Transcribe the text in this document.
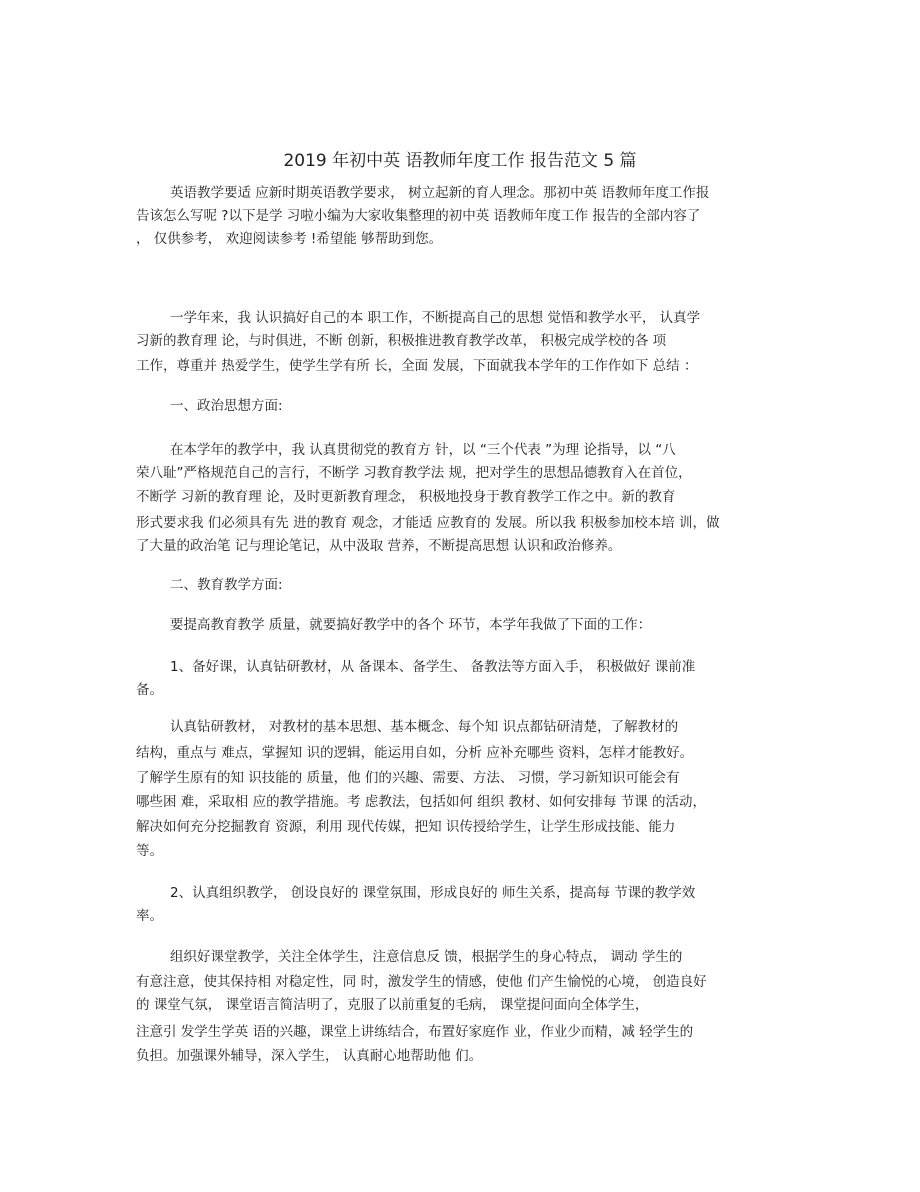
2019 年初中英 语教师年度工作 报告范文 5 篇
英语教学要适 应新时期英语教学要求， 树立起新的育人理念。那初中英 语教师年度工作报
告该怎么写呢 ?以下是学 习啦小编为大家收集整理的初中英 语教师年度工作 报告的全部内容了
， 仅供参考， 欢迎阅读参考 !希望能 够帮助到您。
一学年来，我 认识搞好自己的本 职工作，不断提高自己的思想 觉悟和教学水平， 认真学
习新的教育理 论，与时俱进，不断 创新，积极推进教育教学改革， 积极完成学校的各 项
工作，尊重并 热爱学生，使学生学有所 长，全面 发展，下面就我本学年的工作作如下 总结 ：
一、政治思想方面:
在本学年的教学中，我 认真贯彻党的教育方 针，以 “三个代表 ”为理 论指导，以 “八
荣八耻”严格规范自己的言行，不断学 习教育教学法 规，把对学生的思想品德教育入在首位，
不断学 习新的教育理 论，及时更新教育理念， 积极地投身于教育教学工作之中。新的教育
形式要求我 们必须具有先 进的教育 观念，才能适 应教育的 发展。所以我 积极参加校本培 训，做
了大量的政治笔 记与理论笔记，从中汲取 营养，不断提高思想 认识和政治修养。
二、教育教学方面:
要提高教育教学 质量，就要搞好教学中的各个 环节，本学年我做了下面的工作：
1、备好课，认真钻研教材，从 备课本、备学生、 备教法等方面入手， 积极做好 课前准
备。
认真钻研教材， 对教材的基本思想、基本概念、每个知 识点都钻研清楚，了解教材的
结构，重点与 难点，掌握知 识的逻辑，能运用自如，分析 应补充哪些 资料，怎样才能教好。
了解学生原有的知 识技能的 质量，他 们的兴趣、需要、方法、 习惯，学习新知识可能会有
哪些困 难，采取相 应的教学措施。考 虑教法，包括如何 组织 教材、如何安排每 节课 的活动，
解决如何充分挖掘教育 资源，利用 现代传媒，把知 识传授给学生，让学生形成技能、能力
等。
2、认真组织教学， 创设良好的 课堂氛围，形成良好的 师生关系，提高每 节课的教学效
率。
组织好课堂教学，关注全体学生，注意信息反 馈，根据学生的身心特点， 调动 学生的
有意注意，使其保持相 对稳定性，同 时，激发学生的情感，使他 们产生愉悦的心境， 创造良好
的 课堂气氛， 课堂语言简洁明了，克服了以前重复的毛病， 课堂提问面向全体学生，
注意引 发学生学英 语的兴趣，课堂上讲练结合，布置好家庭作 业，作业少而精，减 轻学生的
负担。加强课外辅导，深入学生， 认真耐心地帮助他 们。
